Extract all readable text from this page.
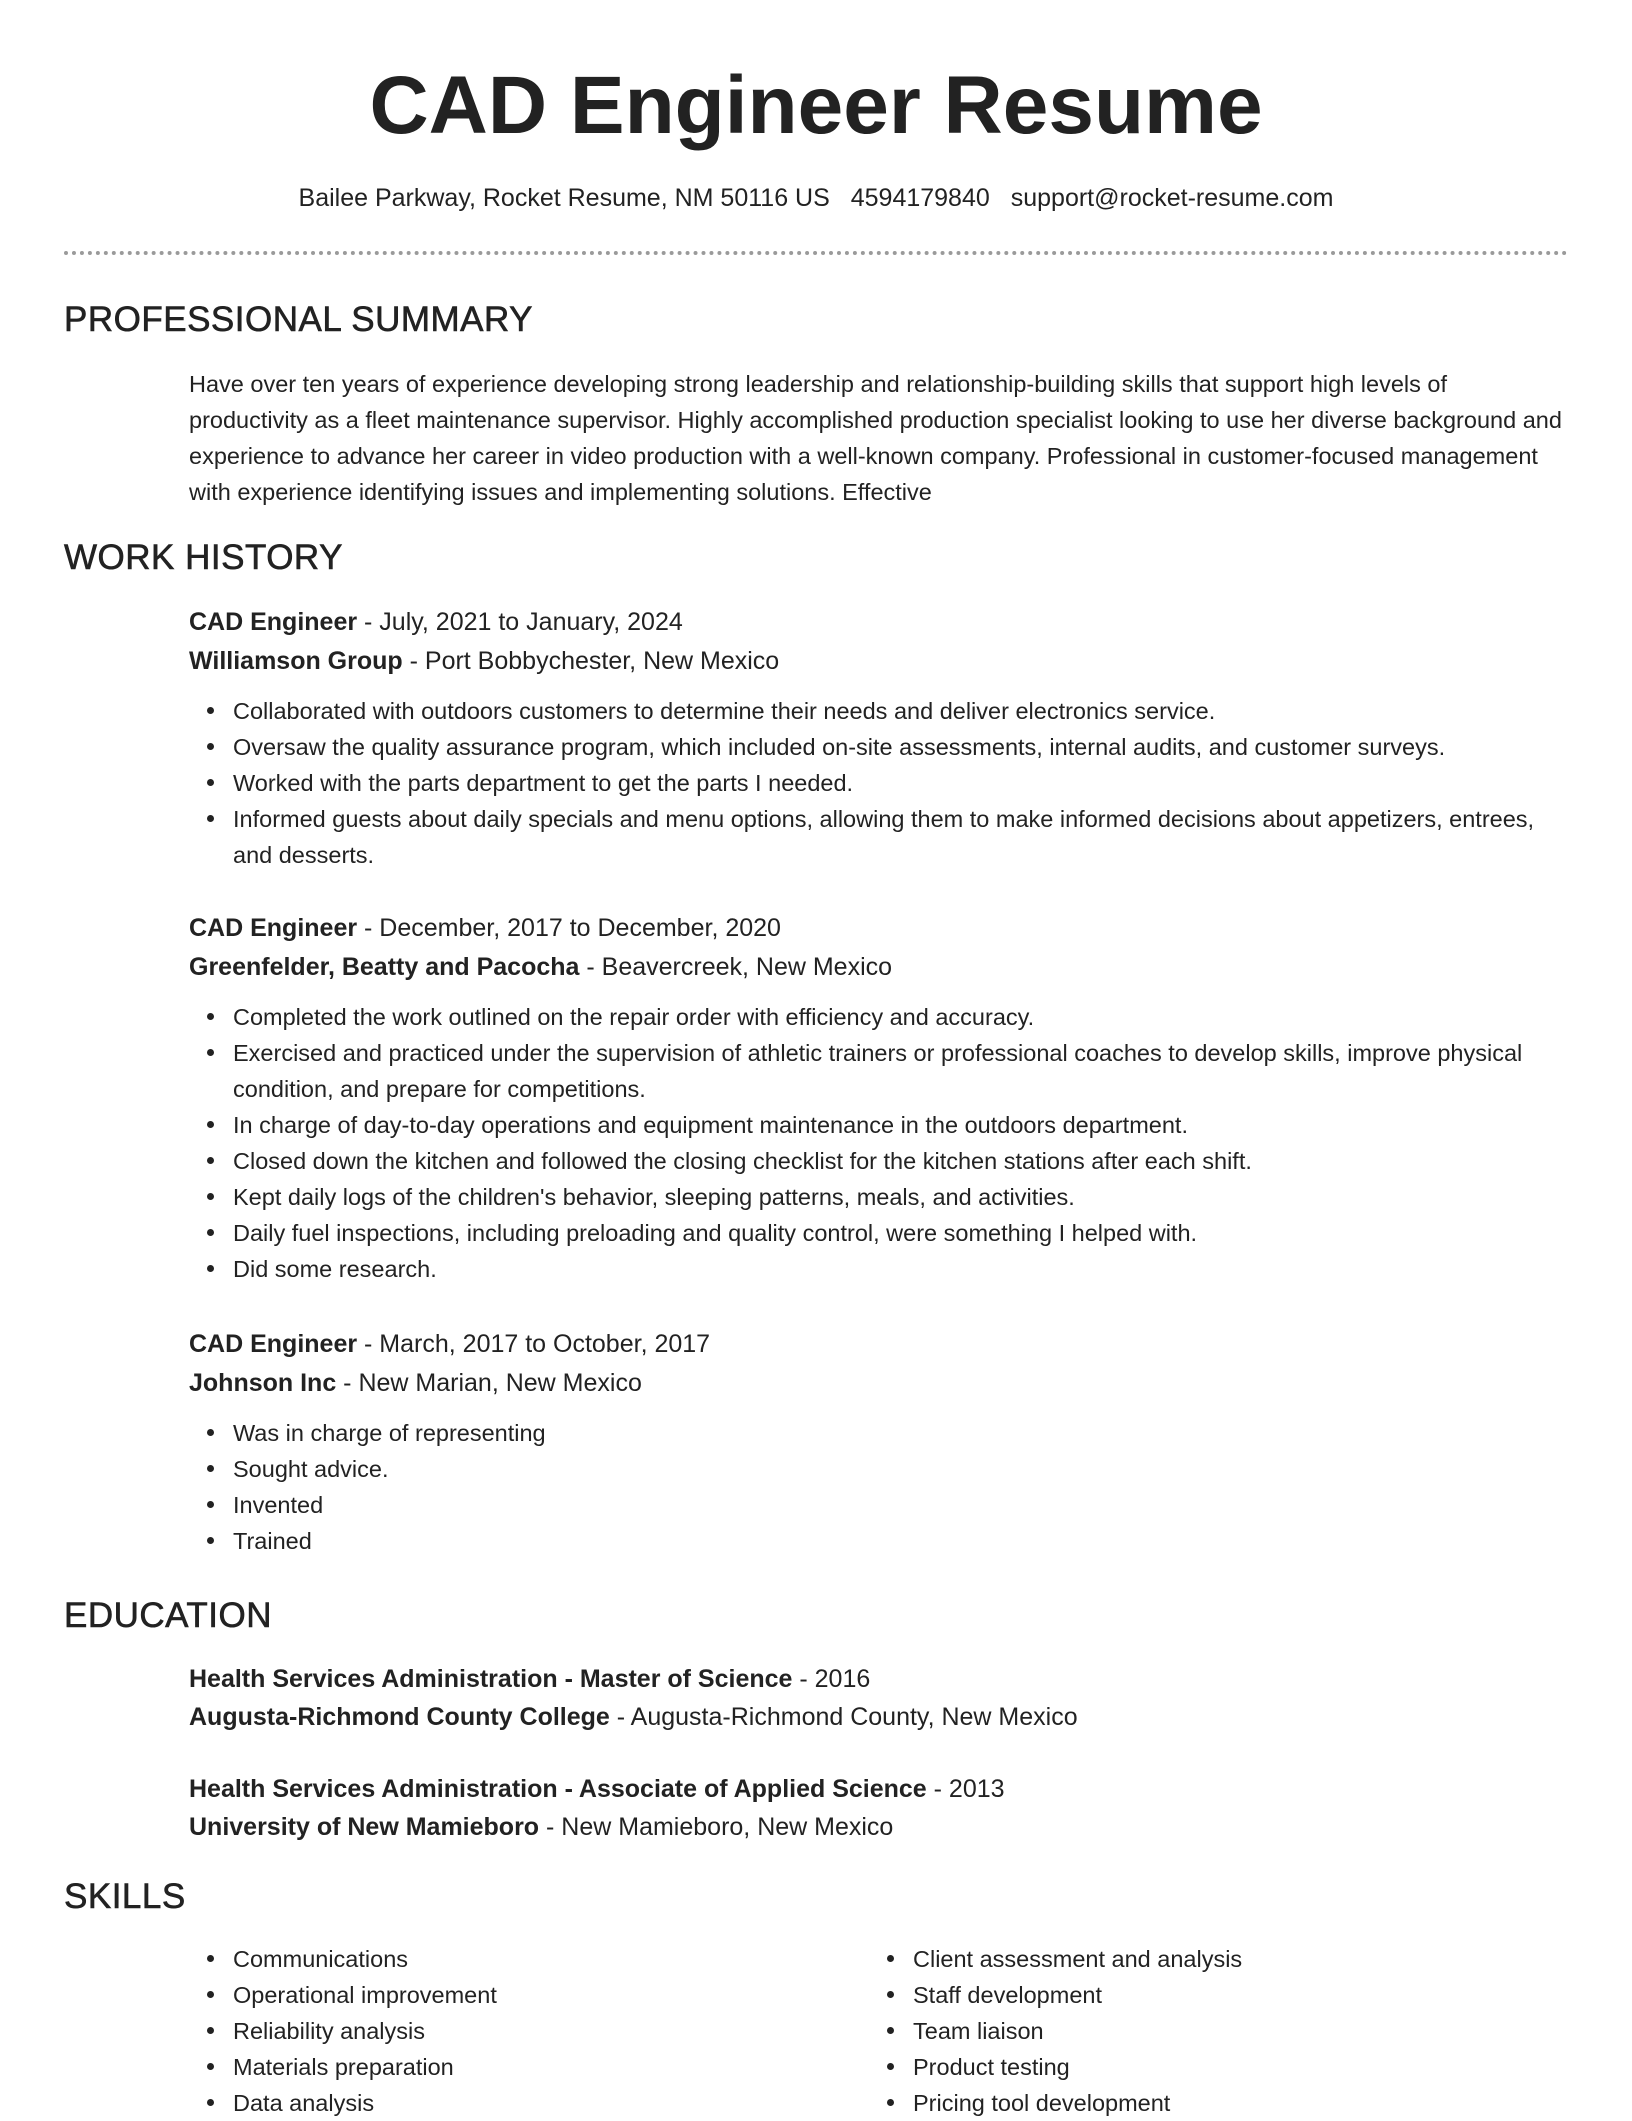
CAD Engineer Resume
Bailee Parkway, Rocket Resume, NM 50116 US 4594179840 support@rocket-resume.com
PROFESSIONAL SUMMARY
Have over ten years of experience developing strong leadership and relationship-building skills that support high levels of productivity as a fleet maintenance supervisor. Highly accomplished production specialist looking to use her diverse background and experience to advance her career in video production with a well-known company. Professional in customer-focused management with experience identifying issues and implementing solutions. Effective
WORK HISTORY
CAD Engineer - July, 2021 to January, 2024
Williamson Group - Port Bobbychester, New Mexico
Collaborated with outdoors customers to determine their needs and deliver electronics service.
Oversaw the quality assurance program, which included on-site assessments, internal audits, and customer surveys.
Worked with the parts department to get the parts I needed.
Informed guests about daily specials and menu options, allowing them to make informed decisions about appetizers, entrees, and desserts.
CAD Engineer - December, 2017 to December, 2020
Greenfelder, Beatty and Pacocha - Beavercreek, New Mexico
Completed the work outlined on the repair order with efficiency and accuracy.
Exercised and practiced under the supervision of athletic trainers or professional coaches to develop skills, improve physical condition, and prepare for competitions.
In charge of day-to-day operations and equipment maintenance in the outdoors department.
Closed down the kitchen and followed the closing checklist for the kitchen stations after each shift.
Kept daily logs of the children's behavior, sleeping patterns, meals, and activities.
Daily fuel inspections, including preloading and quality control, were something I helped with.
Did some research.
CAD Engineer - March, 2017 to October, 2017
Johnson Inc - New Marian, New Mexico
Was in charge of representing
Sought advice.
Invented
Trained
EDUCATION
Health Services Administration - Master of Science - 2016
Augusta-Richmond County College - Augusta-Richmond County, New Mexico
Health Services Administration - Associate of Applied Science - 2013
University of New Mamieboro - New Mamieboro, New Mexico
SKILLS
Communications
Operational improvement
Reliability analysis
Materials preparation
Data analysis
Client assessment and analysis
Staff development
Team liaison
Product testing
Pricing tool development
